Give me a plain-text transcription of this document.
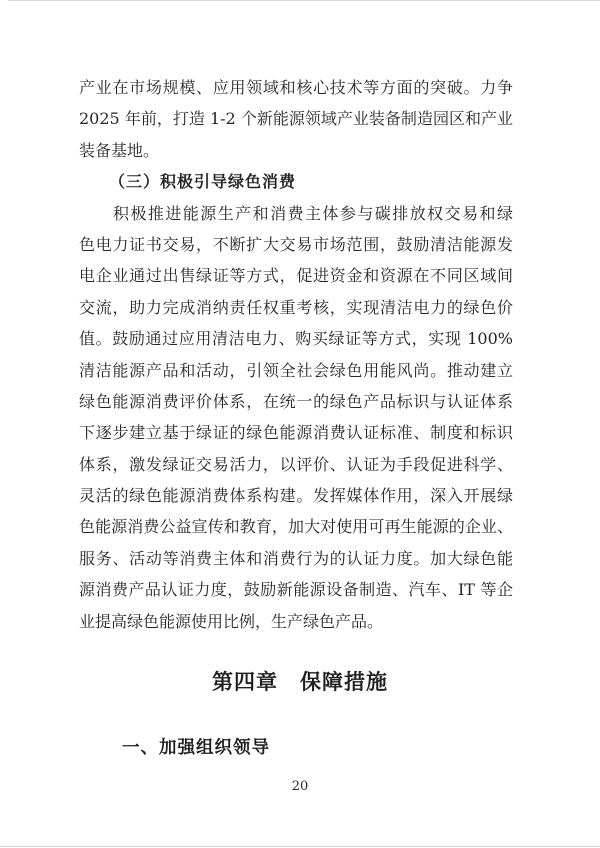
产业在市场规模、应用领域和核心技术等方面的突破。力争
2025 年前，打造 1-2 个新能源领域产业装备制造园区和产业
装备基地。
（三）积极引导绿色消费
积极推进能源生产和消费主体参与碳排放权交易和绿
色电力证书交易，不断扩大交易市场范围，鼓励清洁能源发
电企业通过出售绿证等方式，促进资金和资源在不同区域间
交流，助力完成消纳责任权重考核，实现清洁电力的绿色价
值。鼓励通过应用清洁电力、购买绿证等方式，实现 100%
清洁能源产品和活动，引领全社会绿色用能风尚。推动建立
绿色能源消费评价体系，在统一的绿色产品标识与认证体系
下逐步建立基于绿证的绿色能源消费认证标准、制度和标识
体系，激发绿证交易活力，以评价、认证为手段促进科学、
灵活的绿色能源消费体系构建。发挥媒体作用，深入开展绿
色能源消费公益宣传和教育，加大对使用可再生能源的企业、
服务、活动等消费主体和消费行为的认证力度。加大绿色能
源消费产品认证力度，鼓励新能源设备制造、汽车、IT 等企
业提高绿色能源使用比例，生产绿色产品。
第四章　保障措施
一、加强组织领导
20
